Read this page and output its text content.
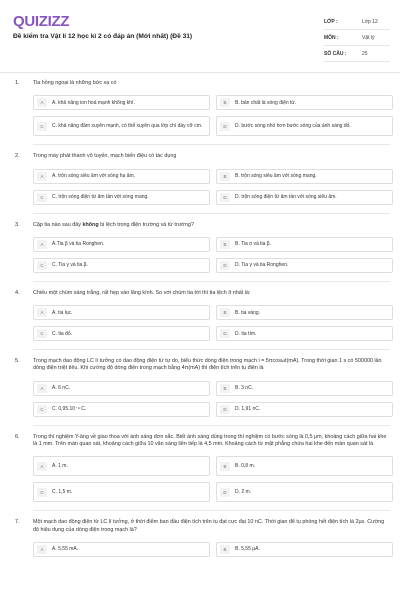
QUIZIZZ
Đề kiểm tra Vật lí 12 học kì 2 có đáp án (Mới nhất) (Đề 31)
LỚP :	Lớp 12
MÔN :	Vật lý
SỐ CÂU :	25
1. Tia hồng ngoại là những bức xạ có
A	A. khả năng ion hoá mạnh không khí.	B	B. bản chất là sóng điện từ.
C	C. khả năng đâm xuyên mạnh, có thể xuyên qua lớp chì dày cỡ cm.	D	D. bước sóng nhỏ hơn bước sóng của ánh sáng đỏ.
2. Trong máy phát thanh vô tuyến, mạch biến điệu có tác dụng
A	A. trộn sóng siêu âm với sóng hạ âm.	B	B. trộn sóng siêu âm với sóng mang.
C	C. trộn sóng điện từ âm tần với sóng mang.	D	D. trộn sóng điện từ âm tần với sóng siêu âm.
3. Cặp tia nào sau đây không bị lệch trong điện trường và từ trường?
A	A.Tia β và tia Ronghen.	B	B. Tia α và tia β.
C	C. Tia γ và tia β.	D	D. Tia γ và tia Ronghen.
4. Chiếu một chùm sáng trắng, rất hẹp vào lăng kính. So với chùm tia tới thì tia lệch ít nhất là:
A	A. tia lục.	B	B. tia vàng.
C	C. tia đỏ.	D	D. tia tím.
5. Trong mạch dao động LC lí tưởng có dao động điện từ tự do, biểu thức dòng điện trong mạch i = 5πcosωt(mA). Trong thời gian 1 s có 500000 lần dòng điện triệt tiêu. Khi cường độ dòng điện trong mạch bằng 4π(mA) thì điện tích trên tụ điện là
A	A. 6 nC.	B	B. 3 nC.
C	C. 0,95.10⁻⁹ C.	D	D. 1,91 nC.
6. Trong thí nghiệm Y-âng về giao thoa với ánh sáng đơn sắc. Biết ánh sáng dùng trong thí nghiệm có bước sóng là 0,5 μm, khoảng cách giữa hai khe là 1 mm. Trên màn quan sát, khoảng cách giữa 10 vân sáng liên tiếp là 4,5 mm. Khoảng cách từ mặt phẳng chứa hai khe đến màn quan sát là
A	A. 1 m.	B	B. 0,8 m.
C	C. 1,5 m.	D	D. 2 m.
7. Một mạch dao động điện từ LC lí tưởng, ở thời điểm ban đầu điện tích trên tụ đạt cực đại 10 nC. Thời gian để tụ phóng hết điện tích là 2μs. Cường độ hiệu dụng của dòng điện trong mạch là?
A	A. 5,55 mA.	B	B. 5,55 μA.
